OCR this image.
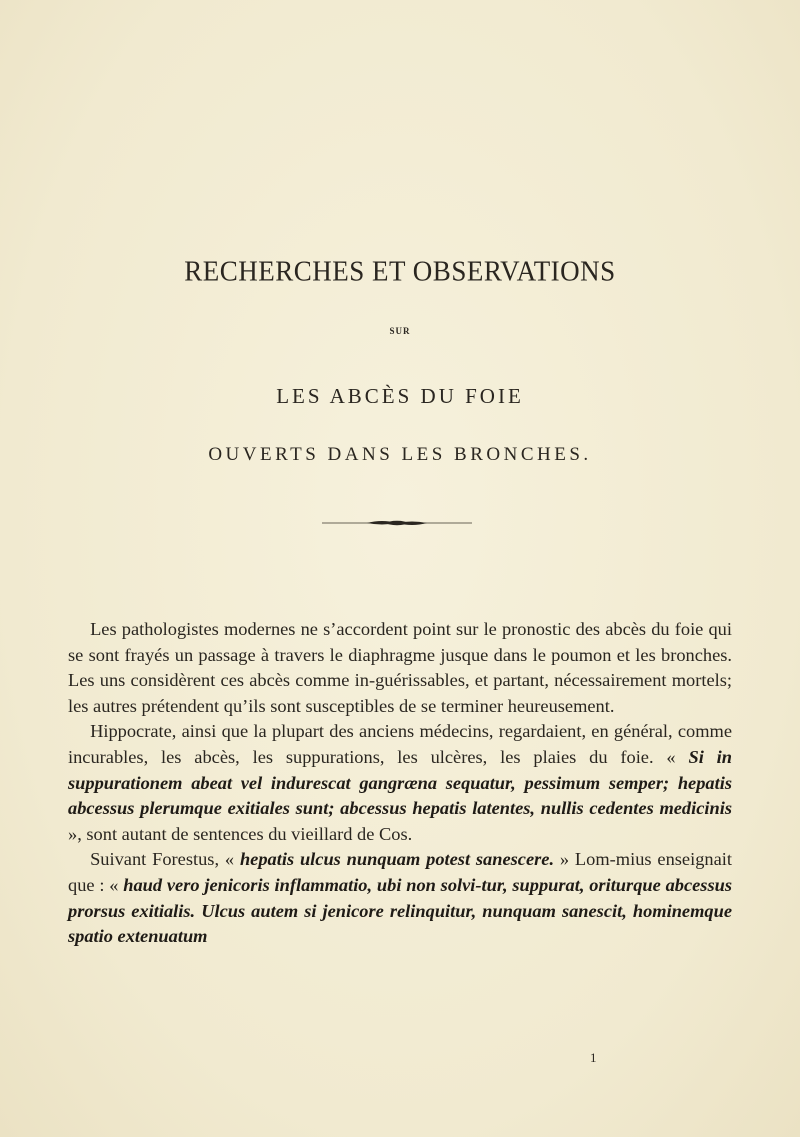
RECHERCHES ET OBSERVATIONS
SUR
LES ABCÈS DU FOIE
OUVERTS DANS LES BRONCHES.

Les pathologistes modernes ne s’accordent point sur le pronostic des abcès du foie qui se sont frayés un passage à travers le diaphragme jusque dans le poumon et les bronches. Les uns considèrent ces abcès comme in-guérissables, et partant, nécessairement mortels; les autres prétendent qu’ils sont susceptibles de se terminer heureusement.

Hippocrate, ainsi que la plupart des anciens médecins, regardaient, en général, comme incurables, les abcès, les suppurations, les ulcères, les plaies du foie. « Si in suppurationem abeat vel indurescat gangræna sequatur, pessimum semper; hepatis abcessus plerumque exitiales sunt; abcessus hepatis latentes, nullis cedentes medicinis », sont autant de sentences du vieillard de Cos.

Suivant Forestus, « hepatis ulcus nunquam potest sanescere. » Lom-mius enseignait que : « haud vero jenicoris inflammatio, ubi non solvi-tur, suppurat, oriturque abcessus prorsus exitialis. Ulcus autem si jenicore relinquitur, nunquam sanescit, hominemque spatio extenuatum

1
